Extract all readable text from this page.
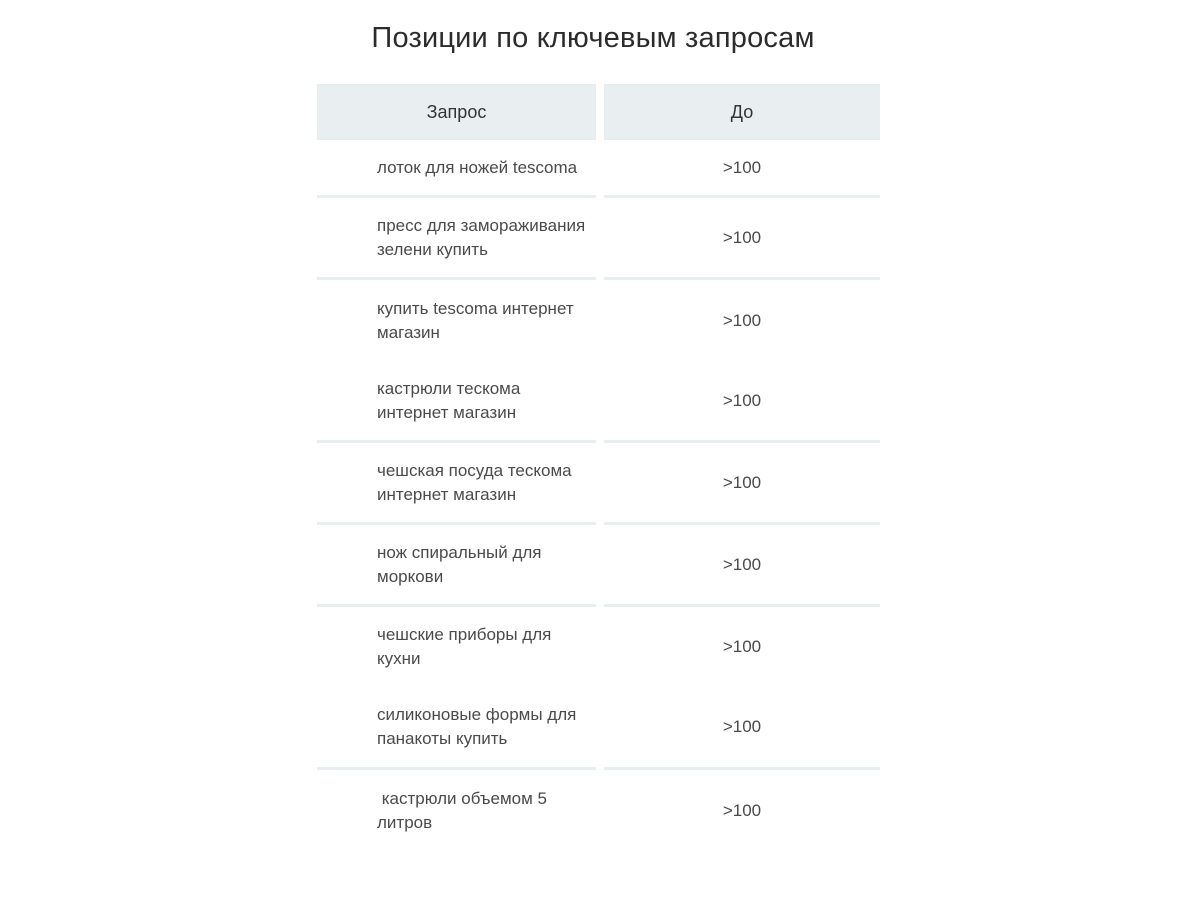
Позиции по ключевым запросам
Запрос	До
лоток для ножей tescoma	>100
пресс для замораживания зелени купить
>100
купить tescoma интернет магазин
>100
кастрюли тескома интернет магазин
>100
чешская посуда тескома интернет магазин
>100
нож спиральный для моркови
>100
чешские приборы для кухни
>100
силиконовые формы для панакоты купить
>100
кастрюли объемом 5 литров
>100
